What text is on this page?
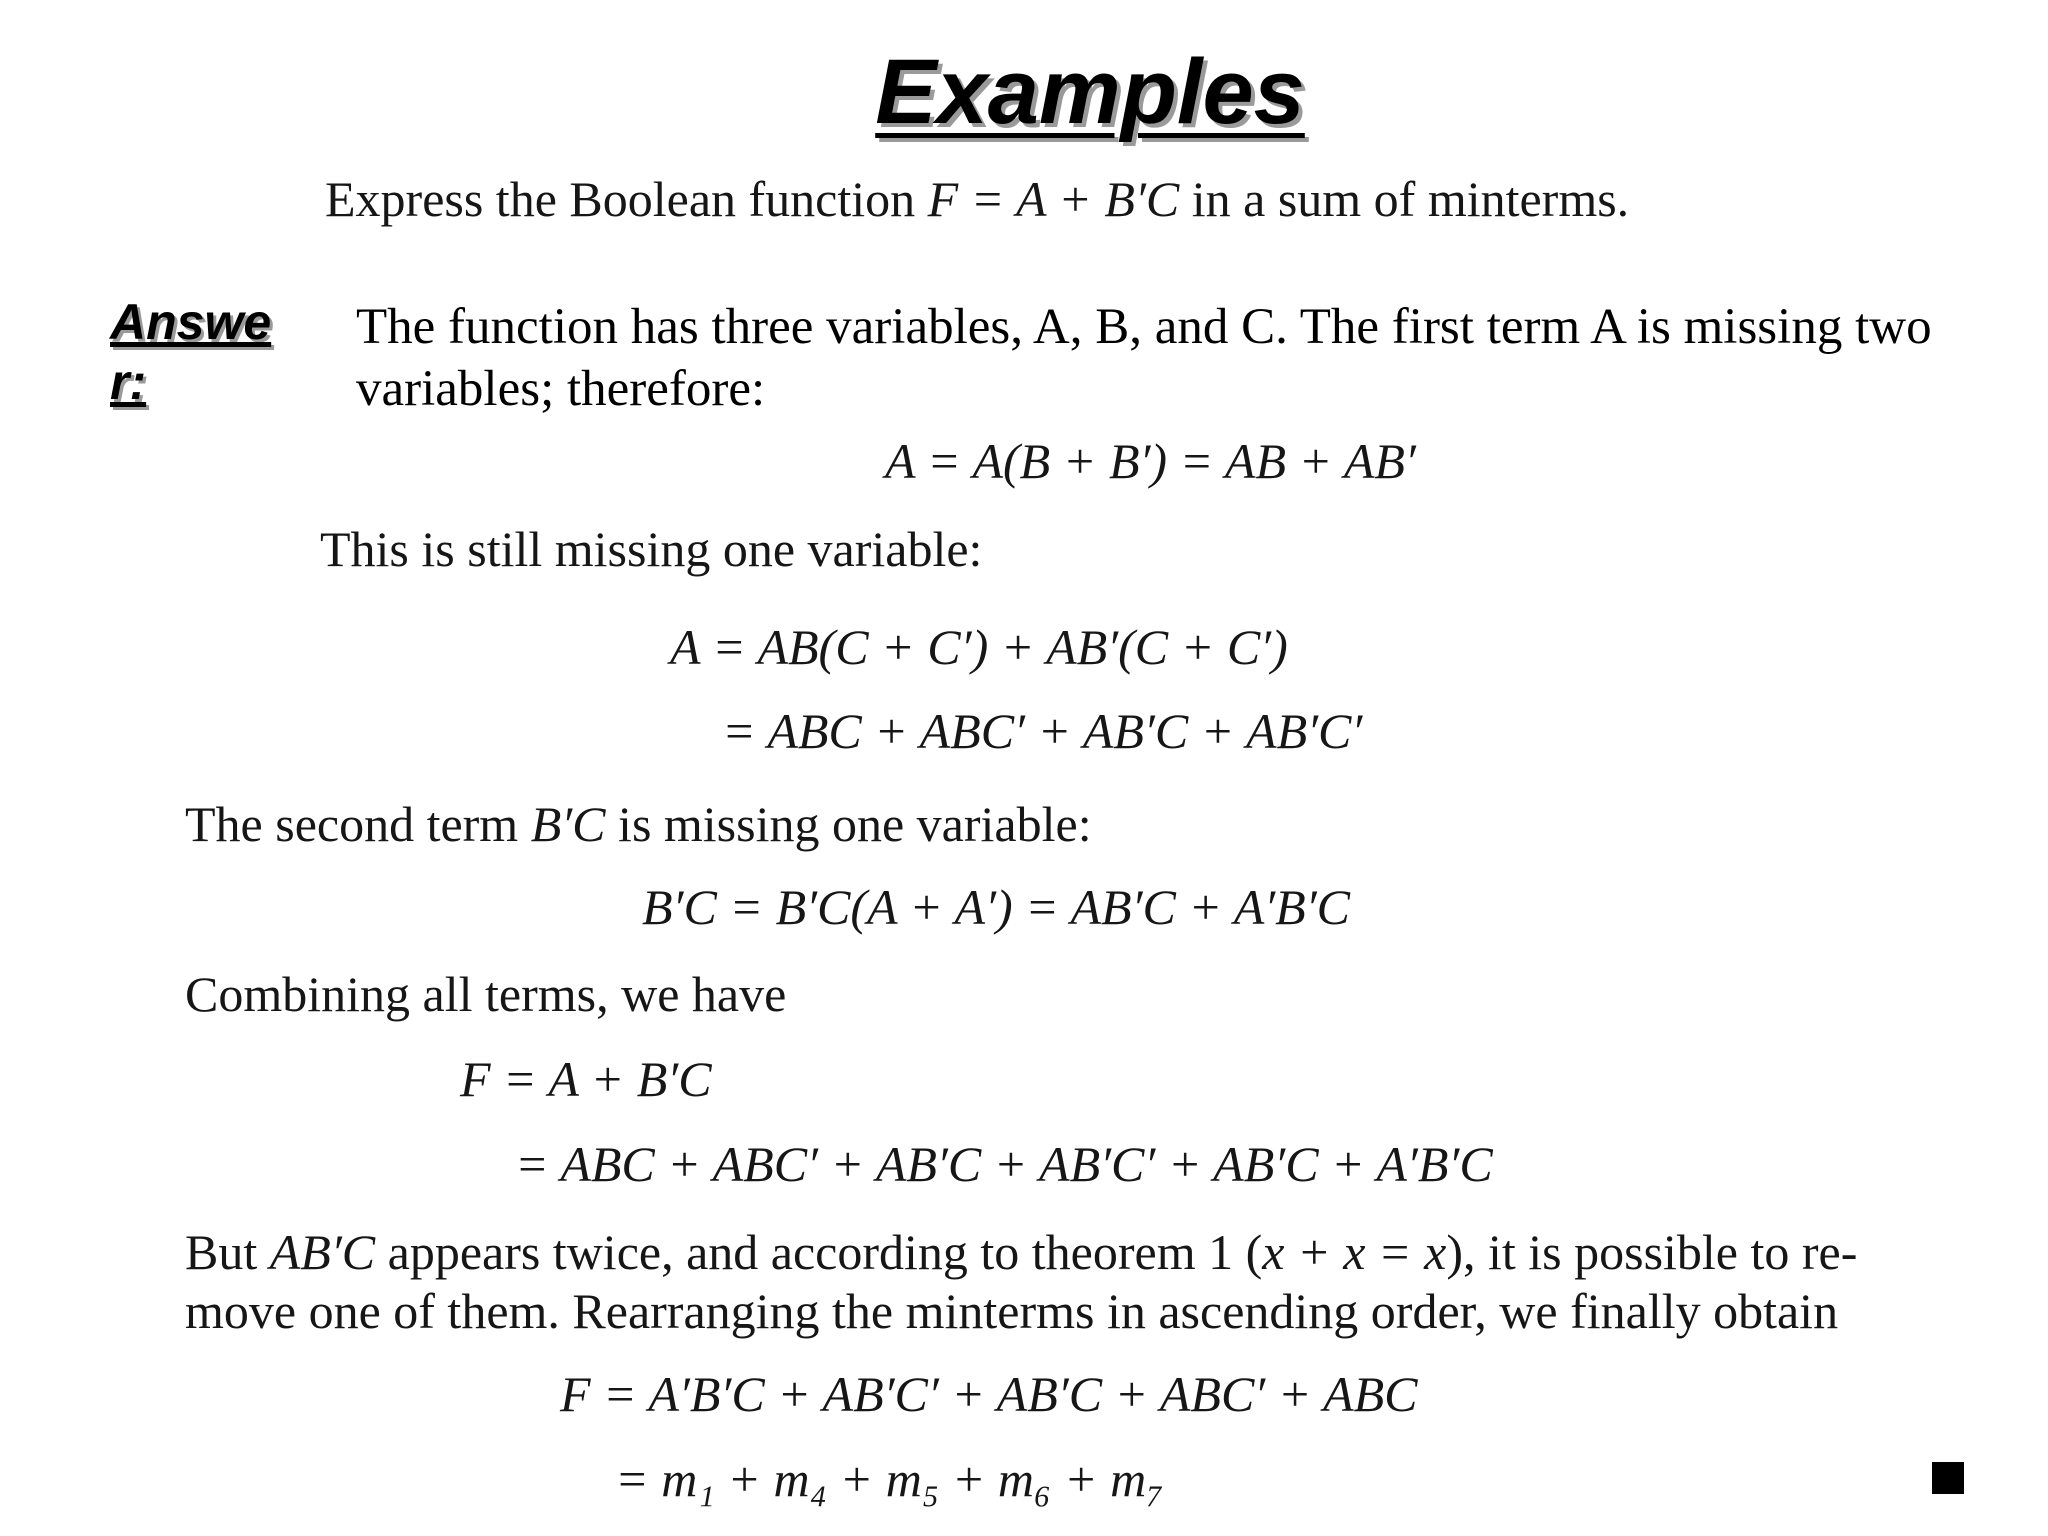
Examples
Express the Boolean function F = A + B′C in a sum of minterms.
Answer:
The function has three variables, A, B, and C. The first term A is missing two variables; therefore:
A = A(B + B′) = AB + AB′
This is still missing one variable:
A = AB(C + C′) + AB′(C + C′)
= ABC + ABC′ + AB′C + AB′C′
The second term B′C is missing one variable:
B′C = B′C(A + A′) = AB′C + A′B′C
Combining all terms, we have
F = A + B′C
= ABC + ABC′ + AB′C + AB′C′ + AB′C + A′B′C
But AB′C appears twice, and according to theorem 1 (x + x = x), it is possible to re-
move one of them. Rearranging the minterms in ascending order, we finally obtain
F = A′B′C + AB′C′ + AB′C + ABC′ + ABC
= m₁ + m₄ + m₅ + m₆ + m₇
